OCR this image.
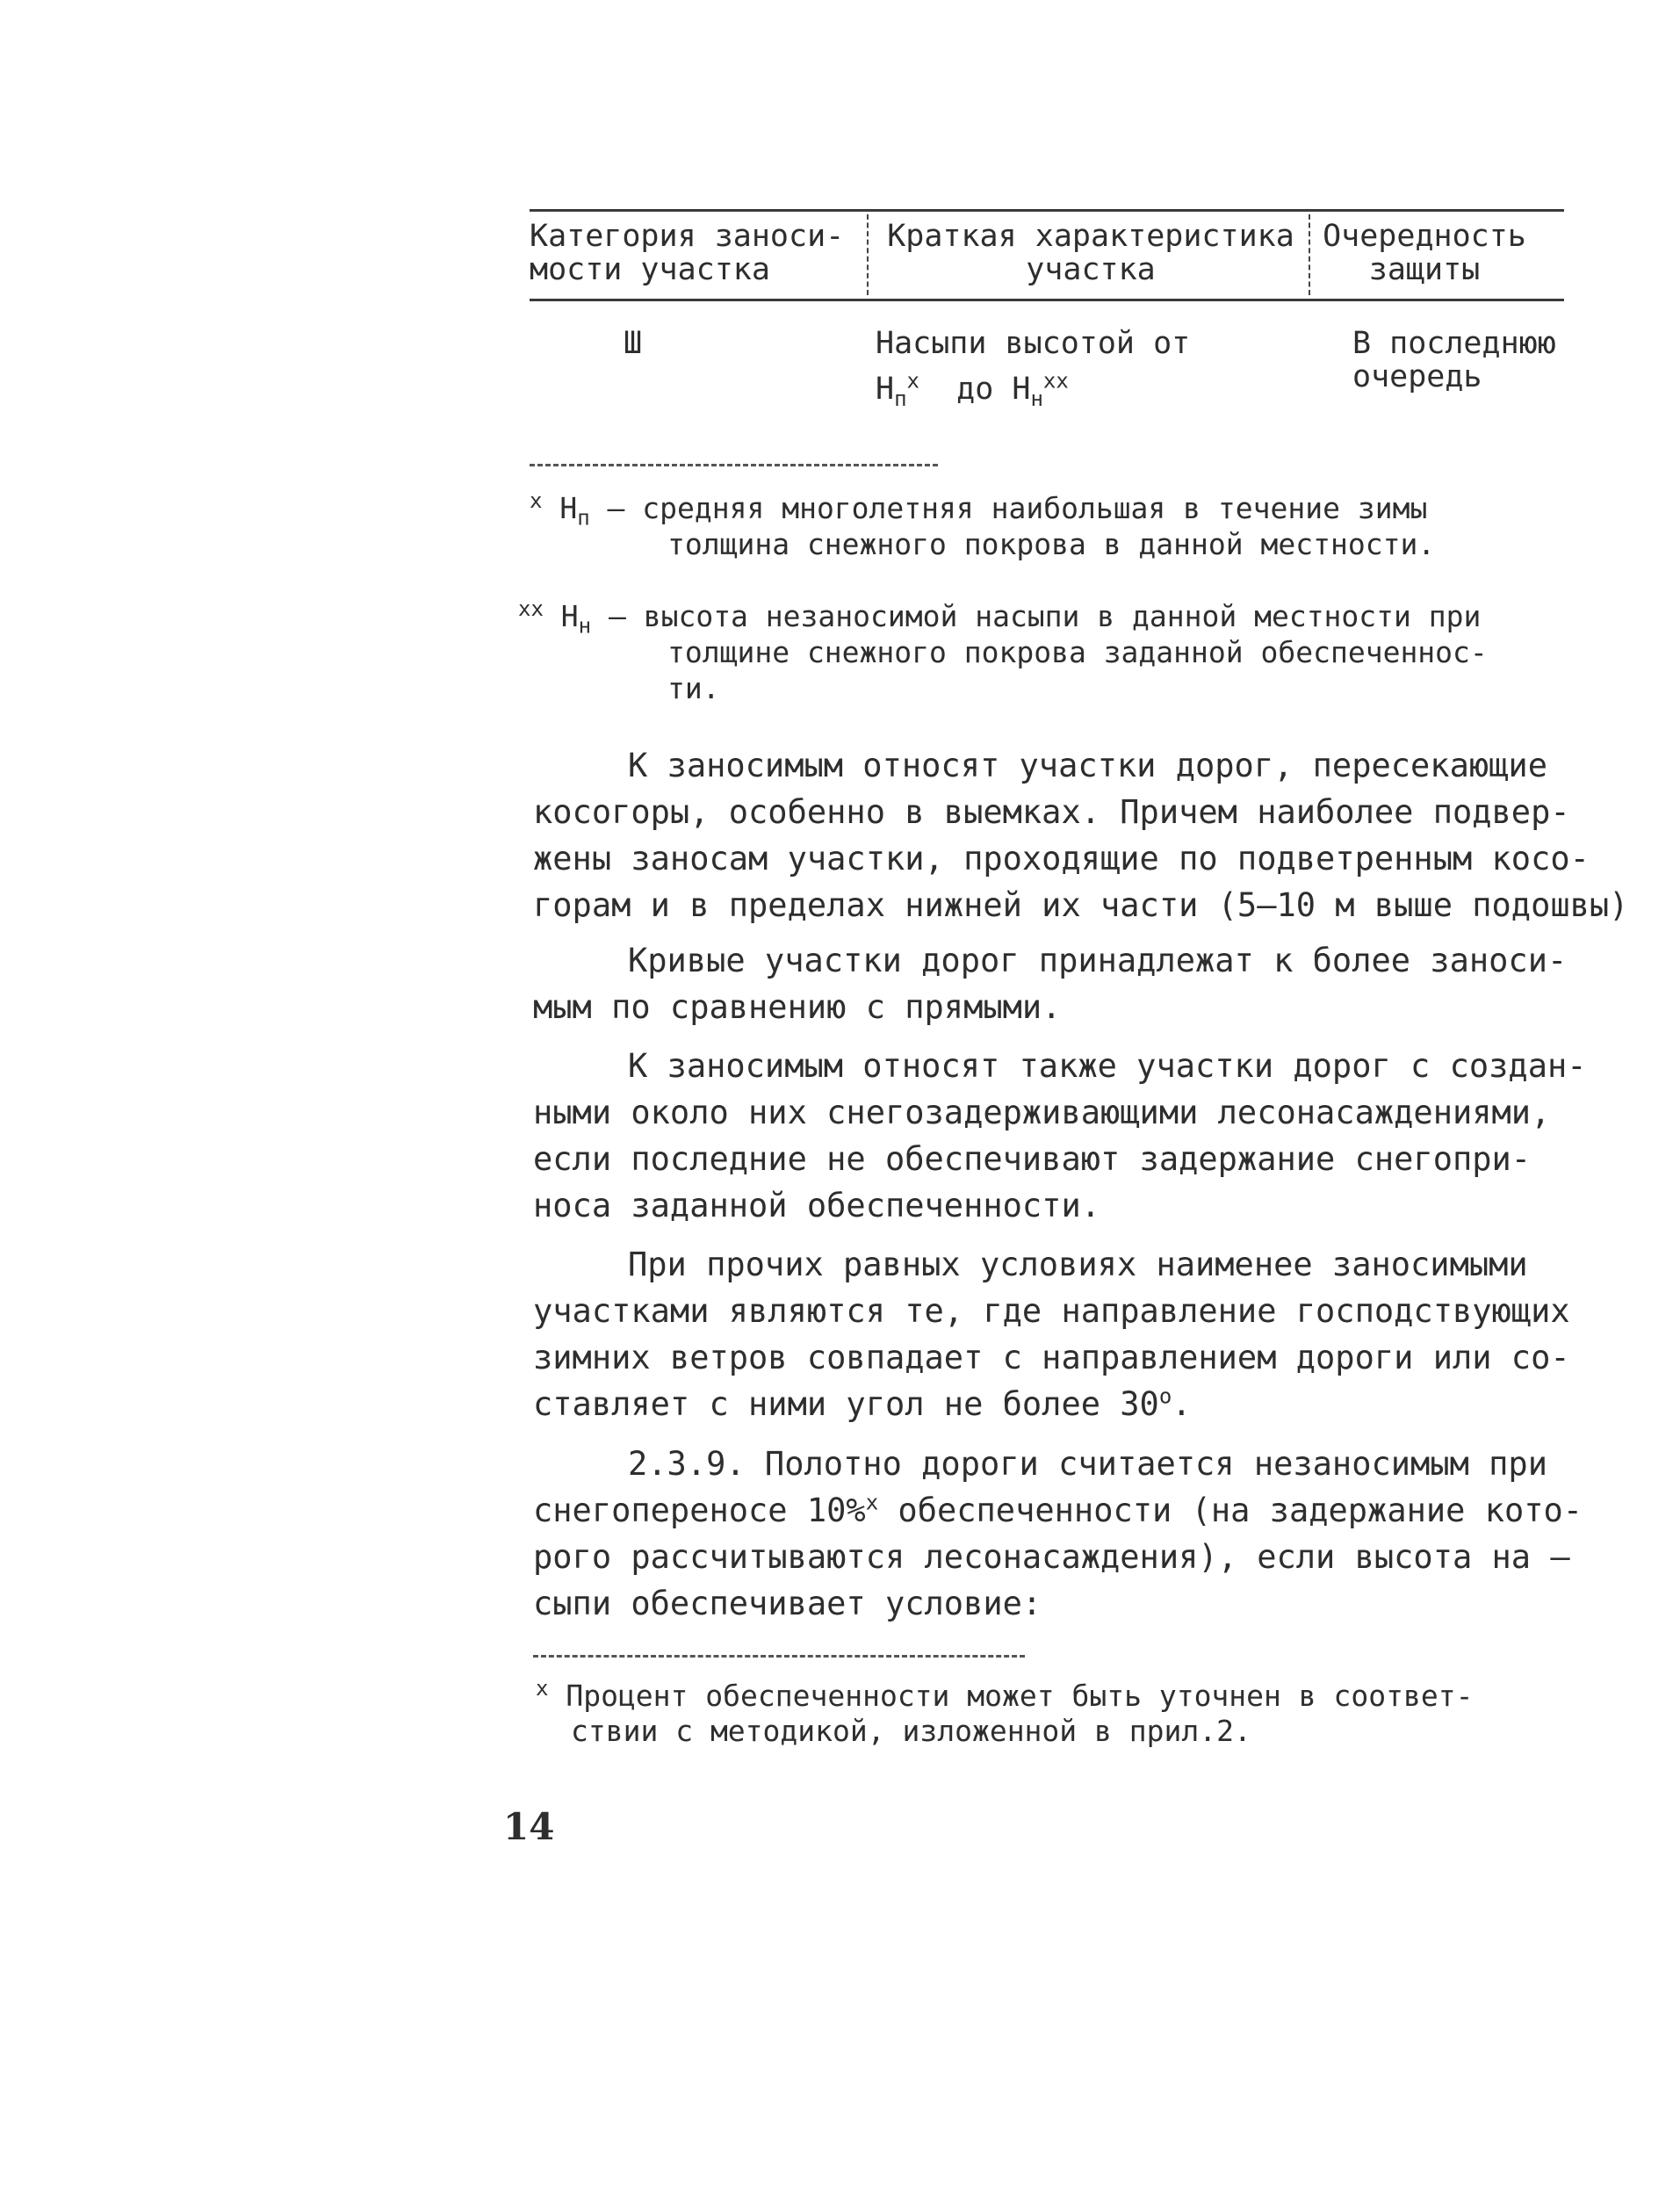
Категория заноси-
мости участка
Краткая характеристика
участка
Очередность
защиты
Ш	Насыпи высотой от
$Н_п^х$ до $Н_н^{хх}$
В последнюю
очередь
$^х$ $Н_п$ – средняя многолетняя наибольшая в течение зимы
толщина снежного покрова в данной местности.
$^{хх}$ $Н_н$ – высота незаносимой насыпи в данной местности при
толщине снежного покрова заданной обеспеченнос-
ти.
К заносимым относят участки дорог, пересекающие
косогоры, особенно в выемках. Причем наиболее подвер-
жены заносам участки, проходящие по подветренным косо-
горам и в пределах нижней их части (5–10 м выше подошвы)
Кривые участки дорог принадлежат к более заноси-
мым по сравнению с прямыми.
К заносимым относят также участки дорог с создан-
ными около них снегозадерживающими лесонасаждениями,
если последние не обеспечивают задержание снегопри-
носа заданной обеспеченности.
При прочих равных условиях наименее заносимыми
участками являются те, где направление господствующих
зимних ветров совпадает с направлением дороги или со-
ставляет с ними угол не более $30^о$.
2.3.9. Полотно дороги считается незаносимым при
снегопереносе 10%$^х$ обеспеченности (на задержание кото-
рого рассчитываются лесонасаждения), если высота на –
сыпи обеспечивает условие:
$^х$ Процент обеспеченности может быть уточнен в соответ-
ствии с методикой, изложенной в прил.2.
14
